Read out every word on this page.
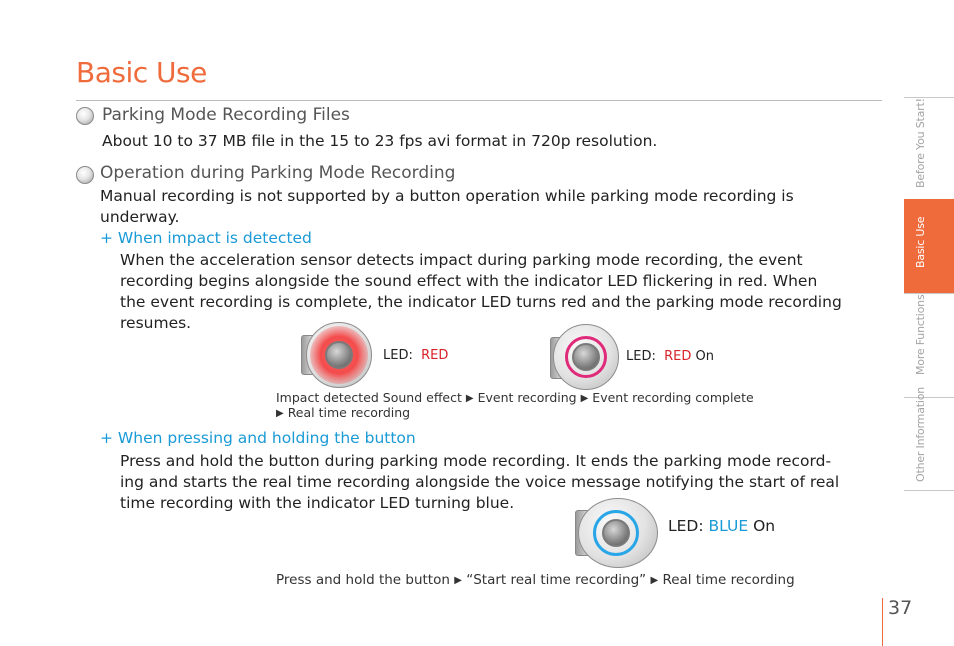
Basic Use
Parking Mode Recording Files
About 10 to 37 MB file in the 15 to 23 fps avi format in 720p resolution.
Operation during Parking Mode Recording
Manual recording is not supported by a button operation while parking mode recording is
underway.
+ When impact is detected
When the acceleration sensor detects impact during parking mode recording, the event
recording begins alongside the sound effect with the indicator LED flickering in red. When
the event recording is complete, the indicator LED turns red and the parking mode recording
resumes.
LED: RED	LED: RED On
Impact detected Sound effect ▶ Event recording ▶ Event recording complete
▶ Real time recording
+ When pressing and holding the button
Press and hold the button during parking mode recording. It ends the parking mode record-
ing and starts the real time recording alongside the voice message notifying the start of real
time recording with the indicator LED turning blue.
LED: BLUE On
Press and hold the button ▶ “Start real time recording” ▶ Real time recording
Before You Start!
Basic Use
More Functions
Other Information
37
